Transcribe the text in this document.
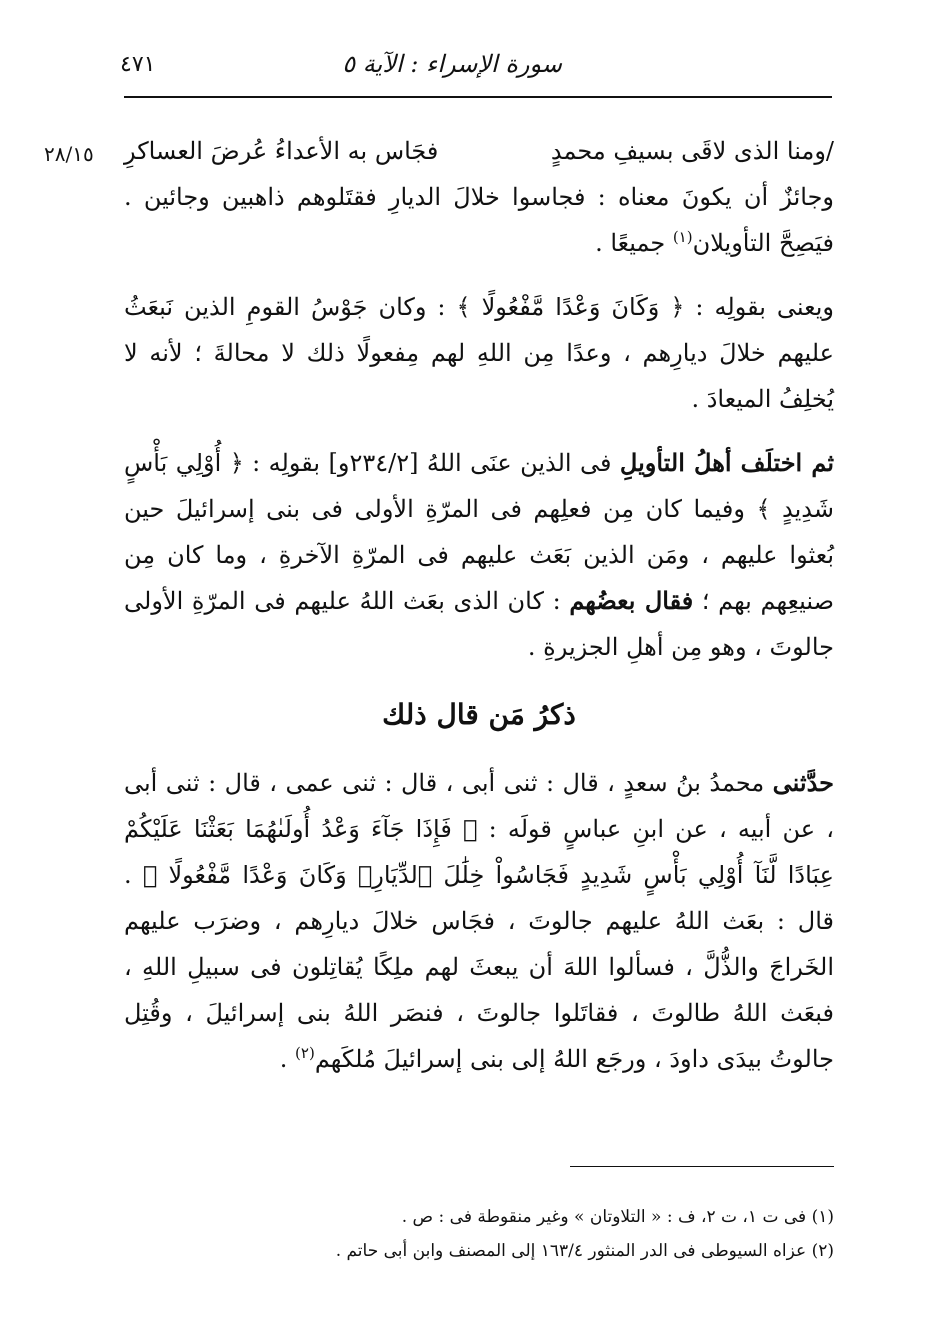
سورة الإسراء : الآية ٥
٤٧١
٢٨/١٥	/ومنا الذى لاقَى بسيفِ محمدٍ
فجَاس به الأعداءُ عُرضَ العساكرِ

وجائزٌ أن يكونَ معناه : فجاسوا خلالَ الديارِ فقتَلوهم ذاهبين وجائين . فيَصِحَّ التأويلان$^{(١)}$ جميعًا .

ويعنى بقولِه : ﴿ وَكَانَ وَعْدًا مَّفْعُولًا ﴾ : وكان جَوْسُ القومِ الذين نَبعَثُ عليهم خلالَ ديارِهم ، وعدًا مِن اللهِ لهم مِفعولًا ذلك لا محالةَ ؛ لأنه لا يُخلِفُ الميعادَ .

ثم اختلَف أهلُ التأويلِ فى الذين عنَى اللهُ [٢٣٤/٢و] بقولِه : ﴿ أُوْلِي بَأْسٍ شَدِيدٍ ﴾ وفيما كان مِن فعلِهم فى المرّةِ الأولى فى بنى إسرائيلَ حين بُعثوا عليهم ، ومَن الذين بَعَث عليهم فى المرّةِ الآخرةِ ، وما كان مِن صنيعِهم بهم ؛ فقال بعضُهم : كان الذى بعَث اللهُ عليهم فى المرّةِ الأولى جالوتَ ، وهو مِن أهلِ الجزيرةِ .

ذكرُ مَن قال ذلك

حدَّثنى محمدُ بنُ سعدٍ ، قال : ثنى أبى ، قال : ثنى عمى ، قال : ثنى أبى ، عن أبيه ، عن ابنِ عباسٍ قولَه : ﴿ فَإِذَا جَآءَ وَعْدُ أُولَىٰهُمَا بَعَثْنَا عَلَيْكُمْ عِبَادًا لَّنَآ أُوْلِي بَأْسٍ شَدِيدٍ فَجَاسُواْ خِلَٰلَ ٱلدِّيَارِۚ وَكَانَ وَعْدًا مَّفْعُولًا ﴾ . قال : بعَث اللهُ عليهم جالوتَ ، فجَاس خلالَ ديارِهم ، وضرَب عليهم الخَراجَ والذُّلَّ ، فسألوا اللهَ أن يبعثَ لهم ملِكًا يُقاتِلون فى سبيلِ اللهِ ، فبعَث اللهُ طالوتَ ، فقاتَلوا جالوتَ ، فنصَر اللهُ بنى إسرائيلَ ، وقُتِل جالوتُ بيدَى داودَ ، ورجَع اللهُ إلى بنى إسرائيلَ مُلكَهم$^{(٢)}$ .

(١) فى ت ١، ت ٢، ف : « التلاوتان » وغير منقوطة فى : ص .

(٢) عزاه السيوطى فى الدر المنثور ١٦٣/٤ إلى المصنف وابن أبى حاتم .
